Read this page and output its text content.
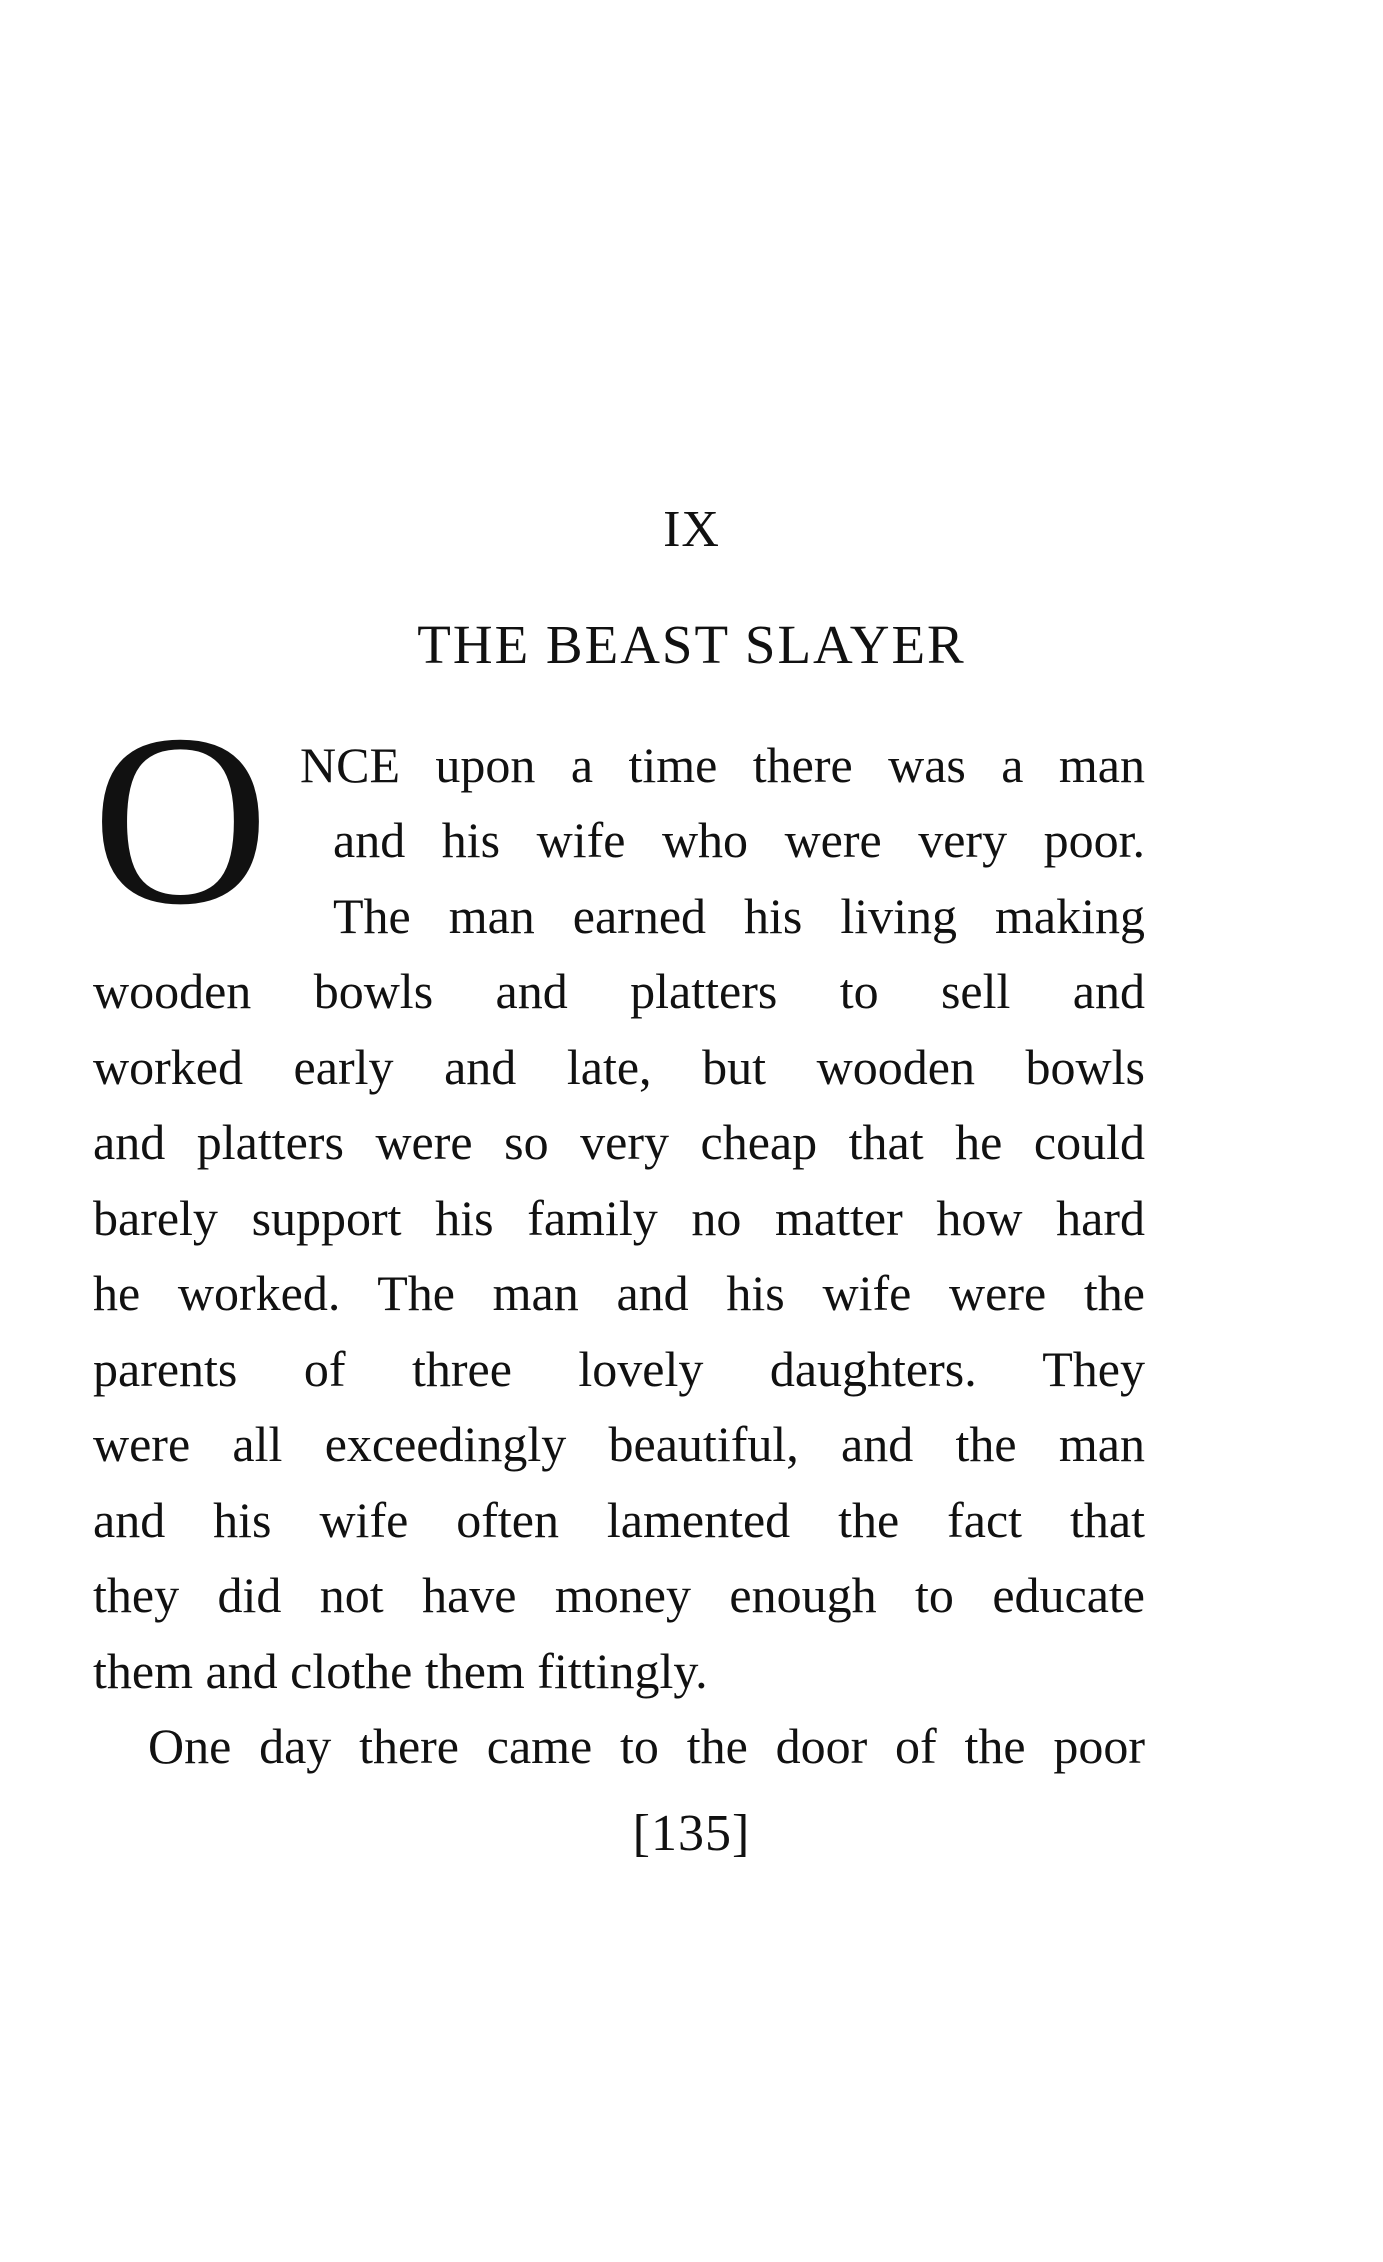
IX
THE BEAST SLAYER
O NCE upon a time there was a man
and his wife who were very poor.
The man earned his living making
wooden bowls and platters to sell and
worked early and late, but wooden bowls
and platters were so very cheap that he could
barely support his family no matter how hard
he worked. The man and his wife were the
parents of three lovely daughters. They
were all exceedingly beautiful, and the man
and his wife often lamented the fact that
they did not have money enough to educate
them and clothe them fittingly.
One day there came to the door of the poor
[135]
